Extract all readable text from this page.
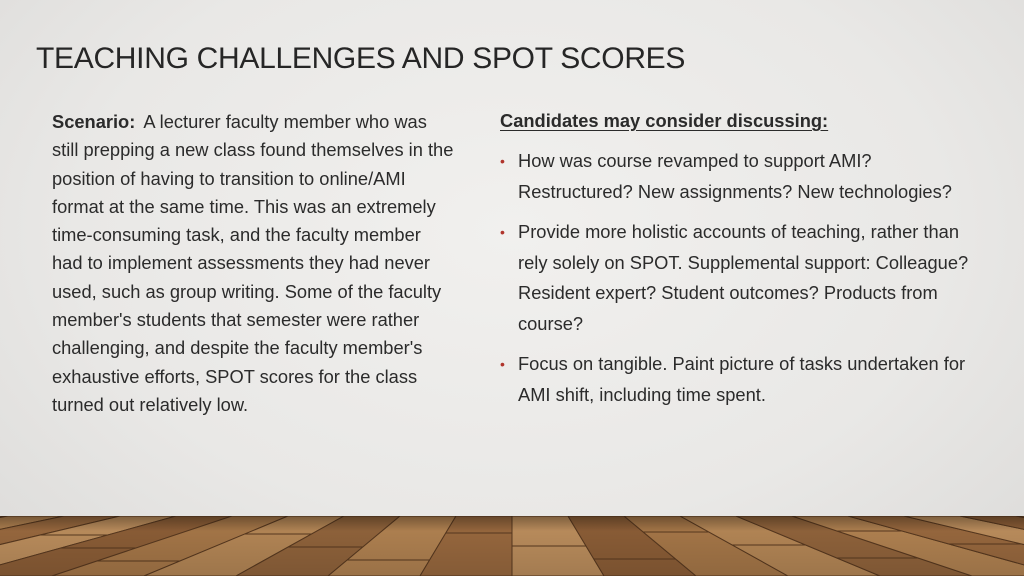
TEACHING CHALLENGES AND SPOT SCORES
Scenario: A lecturer faculty member who was still prepping a new class found themselves in the position of having to transition to online/AMI format at the same time. This was an extremely time-consuming task, and the faculty member had to implement assessments they had never used, such as group writing. Some of the faculty member's students that semester were rather challenging, and despite the faculty member's exhaustive efforts, SPOT scores for the class turned out relatively low.

Candidates may consider discussing:

• How was course revamped to support AMI? Restructured? New assignments? New technologies?
• Provide more holistic accounts of teaching, rather than rely solely on SPOT. Supplemental support: Colleague? Resident expert? Student outcomes? Products from course?
• Focus on tangible. Paint picture of tasks undertaken for AMI shift, including time spent.
